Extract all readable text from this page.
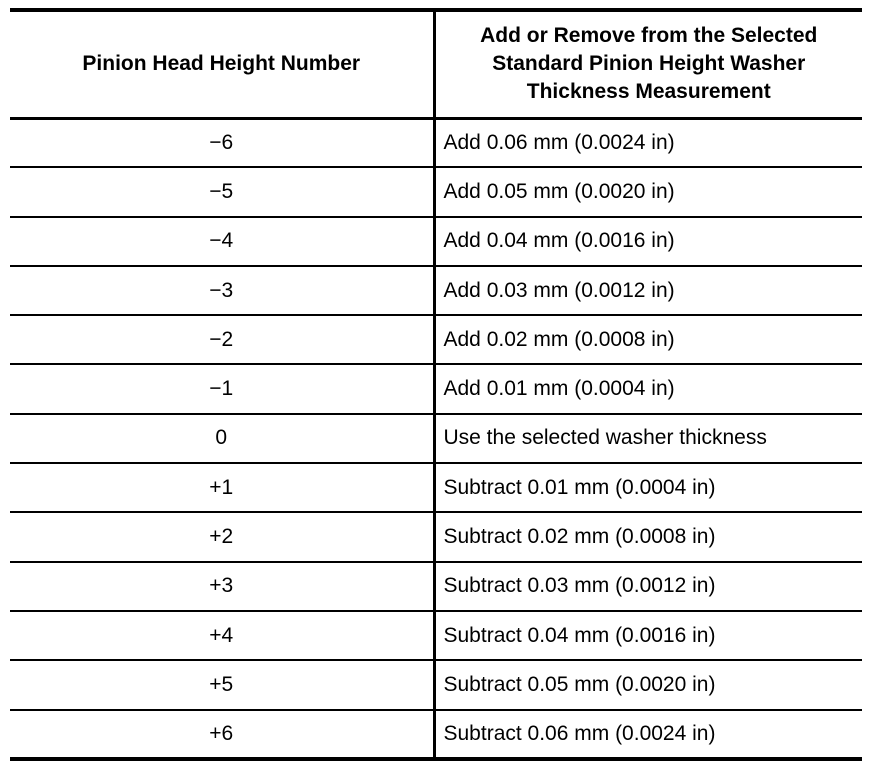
Pinion Head Height Number	Add or Remove from the Selected Standard Pinion Height Washer Thickness Measurement
−6	Add 0.06 mm (0.0024 in)
−5	Add 0.05 mm (0.0020 in)
−4	Add 0.04 mm (0.0016 in)
−3	Add 0.03 mm (0.0012 in)
−2	Add 0.02 mm (0.0008 in)
−1	Add 0.01 mm (0.0004 in)
0	Use the selected washer thickness
+1	Subtract 0.01 mm (0.0004 in)
+2	Subtract 0.02 mm (0.0008 in)
+3	Subtract 0.03 mm (0.0012 in)
+4	Subtract 0.04 mm (0.0016 in)
+5	Subtract 0.05 mm (0.0020 in)
+6	Subtract 0.06 mm (0.0024 in)
